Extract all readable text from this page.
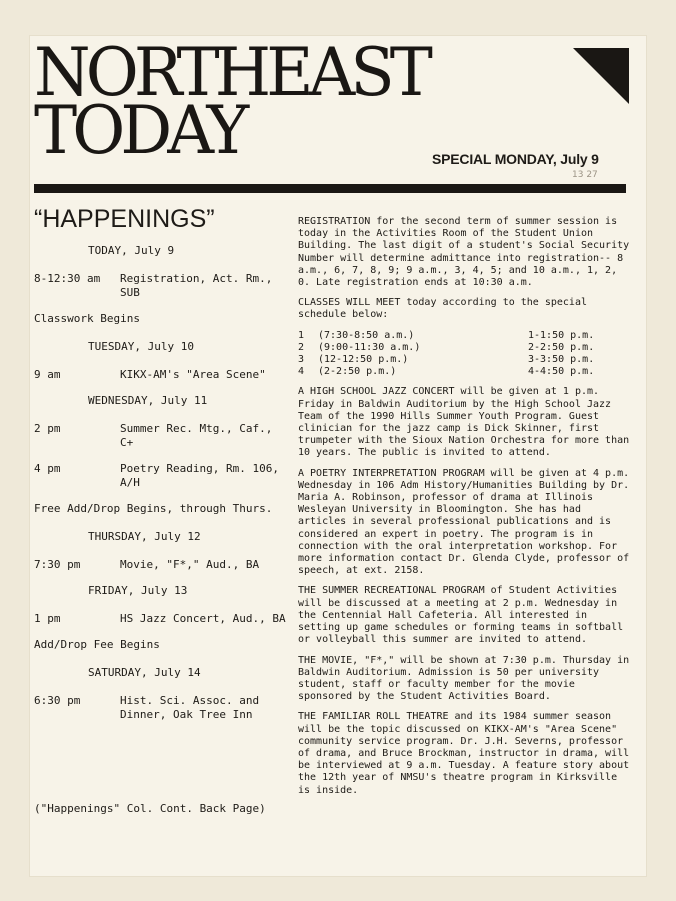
NORTHEAST
TODAY	SPECIAL MONDAY, July 9
13 27
“HAPPENINGS”
TODAY, July 9
8-12:30 am	Registration, Act. Rm., SUB
Classwork Begins
TUESDAY, July 10
9 am	KIKX-AM's "Area Scene"
WEDNESDAY, July 11
2 pm	Summer Rec. Mtg., Caf., C+
4 pm	Poetry Reading, Rm. 106, A/H
Free Add/Drop Begins, through Thurs.
THURSDAY, July 12
7:30 pm	Movie, "F*," Aud., BA
FRIDAY, July 13
1 pm	HS Jazz Concert, Aud., BA
Add/Drop Fee Begins
SATURDAY, July 14
6:30 pm	Hist. Sci. Assoc. and Dinner, Oak Tree Inn
("Happenings" Col. Cont. Back Page)

REGISTRATION for the second term of summer session is today in the Activities Room of the Student Union Building. The last digit of a student's Social Security Number will determine admittance into registration-- 8 a.m., 6, 7, 8, 9; 9 a.m., 3, 4, 5; and 10 a.m., 1, 2, 0. Late registration ends at 10:30 a.m.

CLASSES WILL MEET today according to the special schedule below:

1	(7:30-8:50 a.m.)	1-1:50 p.m.
2	(9:00-11:30 a.m.)	2-2:50 p.m.
3	(12-12:50 p.m.)	3-3:50 p.m.
4	(2-2:50 p.m.)	4-4:50 p.m.

A HIGH SCHOOL JAZZ CONCERT will be given at 1 p.m. Friday in Baldwin Auditorium by the High School Jazz Team of the 1990 Hills Summer Youth Program. Guest clinician for the jazz camp is Dick Skinner, first trumpeter with the Sioux Nation Orchestra for more than 10 years. The public is invited to attend.

A POETRY INTERPRETATION PROGRAM will be given at 4 p.m. Wednesday in 106 Adm History/Humanities Building by Dr. Maria A. Robinson, professor of drama at Illinois Wesleyan University in Bloomington. She has had articles in several professional publications and is considered an expert in poetry. The program is in connection with the oral interpretation workshop. For more information contact Dr. Glenda Clyde, professor of speech, at ext. 2158.

THE SUMMER RECREATIONAL PROGRAM of Student Activities will be discussed at a meeting at 2 p.m. Wednesday in the Centennial Hall Cafeteria. All interested in setting up game schedules or forming teams in softball or volleyball this summer are invited to attend.

THE MOVIE, "F*," will be shown at 7:30 p.m. Thursday in Baldwin Auditorium. Admission is 50 per university student, staff or faculty member for the movie sponsored by the Student Activities Board.

THE FAMILIAR ROLL THEATRE and its 1984 summer season will be the topic discussed on KIKX-AM's "Area Scene" community service program. Dr. J.H. Severns, professor of drama, and Bruce Brockman, instructor in drama, will be interviewed at 9 a.m. Tuesday. A feature story about the 12th year of NMSU's theatre program in Kirksville is inside.
